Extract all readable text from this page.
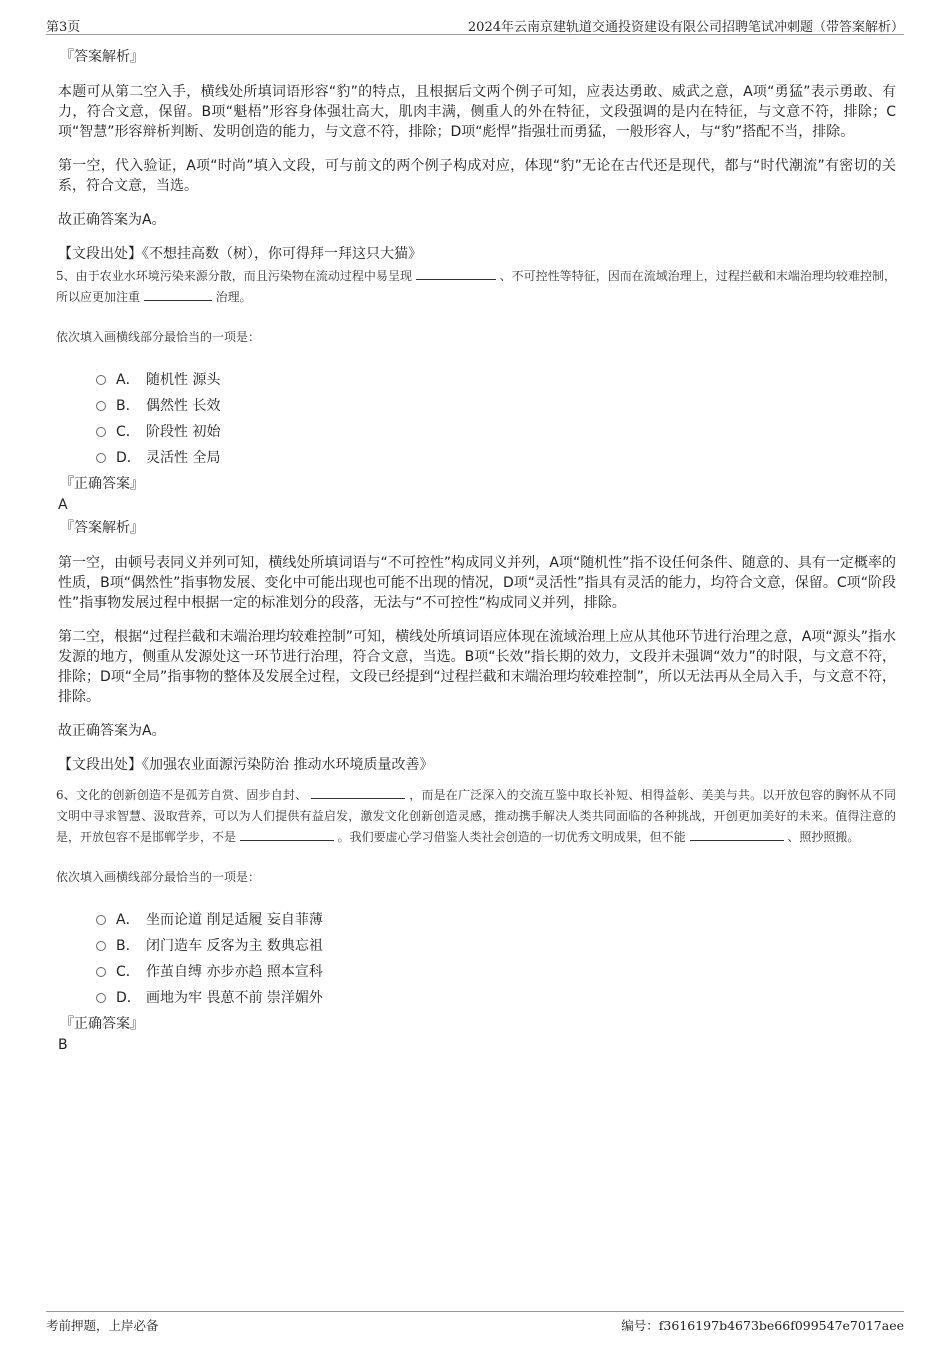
第3页	2024年云南京建轨道交通投资建设有限公司招聘笔试冲刺题（带答案解析）
『答案解析』

本题可从第二空入手，横线处所填词语形容“豹”的特点，且根据后文两个例子可知，应表达勇敢、威武之意，A项“勇猛”表示勇敢、有力，符合文意，保留。B项“魁梧”形容身体强壮高大，肌肉丰满，侧重人的外在特征，文段强调的是内在特征，与文意不符，排除；C项“智慧”形容辩析判断、发明创造的能力，与文意不符，排除；D项“彪悍”指强壮而勇猛，一般形容人，与“豹”搭配不当，排除。

第一空，代入验证，A项“时尚”填入文段，可与前文的两个例子构成对应，体现“豹”无论在古代还是现代，都与“时代潮流”有密切的关系，符合文意，当选。

故正确答案为A。

【文段出处】《不想挂高数（树），你可得拜一拜这只大猫》
5、由于农业水环境污染来源分散，而且污染物在流动过程中易呈现	、不可控性等特征，因而在流域治理上，过程拦截和末端治理均较难控制，所以应更加注重	治理。
依次填入画横线部分最恰当的一项是：
A． 随机性 源头
B． 偶然性 长效
C． 阶段性 初始
D． 灵活性 全局
『正确答案』
A
『答案解析』

第一空，由顿号表同义并列可知，横线处所填词语与“不可控性”构成同义并列，A项“随机性”指不设任何条件、随意的、具有一定概率的性质，B项“偶然性”指事物发展、变化中可能出现也可能不出现的情况，D项“灵活性”指具有灵活的能力，均符合文意，保留。C项“阶段性”指事物发展过程中根据一定的标准划分的段落，无法与“不可控性”构成同义并列，排除。

第二空，根据“过程拦截和末端治理均较难控制”可知，横线处所填词语应体现在流域治理上应从其他环节进行治理之意，A项“源头”指水发源的地方，侧重从发源处这一环节进行治理，符合文意，当选。B项“长效”指长期的效力，文段并未强调“效力”的时限，与文意不符，排除；D项“全局”指事物的整体及发展全过程，文段已经提到“过程拦截和末端治理均较难控制”，所以无法再从全局入手，与文意不符，排除。

故正确答案为A。

【文段出处】《加强农业面源污染防治 推动水环境质量改善》
6、文化的创新创造不是孤芳自赏、固步自封、	，而是在广泛深入的交流互鉴中取长补短、相得益彰、美美与共。以开放包容的胸怀从不同文明中寻求智慧、汲取营养，可以为人们提供有益启发，激发文化创新创造灵感，推动携手解决人类共同面临的各种挑战，开创更加美好的未来。值得注意的是，开放包容不是邯郸学步，不是	。我们要虚心学习借鉴人类社会创造的一切优秀文明成果，但不能	、照抄照搬。
依次填入画横线部分最恰当的一项是：
A． 坐而论道 削足适履 妄自菲薄
B． 闭门造车 反客为主 数典忘祖
C． 作茧自缚 亦步亦趋 照本宣科
D． 画地为牢 畏葸不前 崇洋媚外
『正确答案』
B
考前押题，上岸必备	编号：f3616197b4673be66f099547e7017aee
